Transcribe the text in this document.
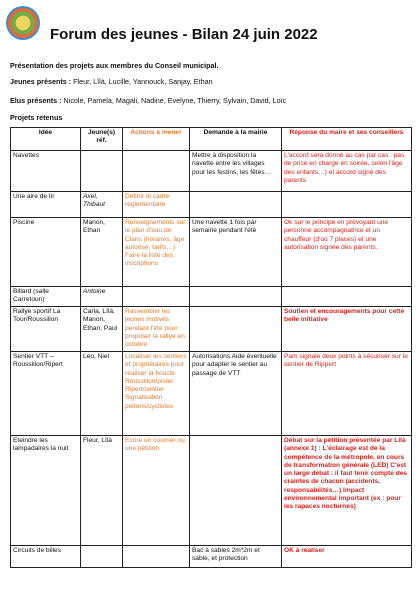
Forum des jeunes - Bilan 24 juin 2022
Présentation des projets aux membres du Conseil municipal.
Jeunes présents : Fleur, Lîlà, Lucille, Yannouck, Sanjay, Ethan
Elus présents : Nicole, Pamela, Magali, Nadine, Evelyne, Thierry, Sylvain, David, Loïc
Projets retenus
Idée	Jeune(s) réf.	Actions à mener	Demande à la mairie	Réponse du maire et ses conseillers
Navettes			Mettre à disposition la navette entre les villages pour les festins, les fêtes…	L'accord sera donné au cas par cas : pas de prise en charge en soirée, selon l'âge des enfants…) et accord signé des parents
Une aire de tir	Axel, Thibaut	Définir le cadre réglementaire		
Piscine	Manon, Ethan	Renseignements sur le plan d'eau de Clans (horaires, âge autorisé, tarifs…) Faire la liste des inscriptions	Une navette 1 fois par semaine pendant l'été	Ok sur le principe en prévoyant une personne accompagnatrice et un chauffeur (d'où 7 places) et une autorisation signée des parents.
Billard (salle Carretoun)	Antoine			
Rallye sportif La Tour/Roussillon	Carla, Lîlà, Manon, Ethan, Paul	Rassembler les jeunes motivés pendant l'été pour proposer le rallye en octobre		Soutien et encouragements pour cette belle initiative
Sentier VTT – Roussillon/Ripert	Leo, Niel	Localiser les sentiers et propriétaires pour réaliser la boucle Roussillon/piste/ Ripert/sentier Signalisation piétons/cyclistes	Autorisations Aide éventuelle pour adapter le sentier au passage de VTT	Pam signale deux points à sécuriser sur le sentier de Rippert
Eteindre les lampadaires la nuit	Fleur, Lîlà	Ecrire un courrier ou une pétition		Débat sur la pétition présentée par Lîlà (annexe 1) : L'éclairage est de la compétence de la métropole, en cours de transformation générale (LED) C'est un large débat : il faut tenir compte des craintes de chacun (accidents, responsabilités…) Impact environnemental important (ex : pour les rapaces nocturnes)
Circuits de billes			Bac à sables 2m*2m et sable, et protection	OK à réaliser
